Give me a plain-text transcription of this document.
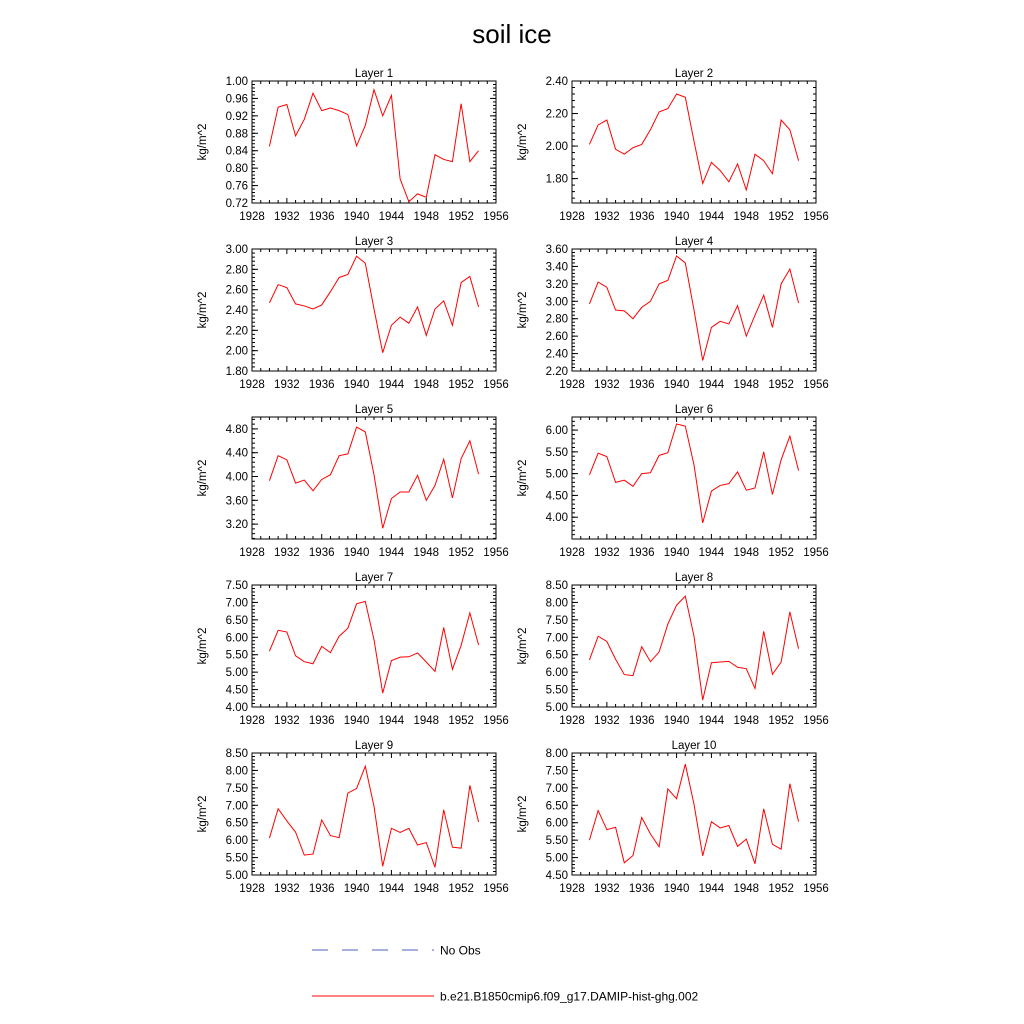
soil ice
Layer 1
1928 1932 1936 1940 1944 1948 1952 1956
0.72
0.76
0.80
0.84
0.88
0.92
0.96
1.00
kg/m^2
Layer 2
1928 1932 1936 1940 1944 1948 1952 1956
1.80
2.00
2.20
2.40
kg/m^2
Layer 3
1928 1932 1936 1940 1944 1948 1952 1956
1.80
2.00
2.20
2.40
2.60
2.80
3.00
kg/m^2
Layer 4
1928 1932 1936 1940 1944 1948 1952 1956
2.20
2.40
2.60
2.80
3.00
3.20
3.40
3.60
kg/m^2
Layer 5
1928 1932 1936 1940 1944 1948 1952 1956
3.20
3.60
4.00
4.40
4.80
kg/m^2
Layer 6
1928 1932 1936 1940 1944 1948 1952 1956
4.00
4.50
5.00
5.50
6.00
kg/m^2
Layer 7
1928 1932 1936 1940 1944 1948 1952 1956
4.00
4.50
5.00
5.50
6.00
6.50
7.00
7.50
kg/m^2
Layer 8
1928 1932 1936 1940 1944 1948 1952 1956
5.00
5.50
6.00
6.50
7.00
7.50
8.00
8.50
kg/m^2
Layer 9
1928 1932 1936 1940 1944 1948 1952 1956
5.00
5.50
6.00
6.50
7.00
7.50
8.00
8.50
kg/m^2
Layer 10
1928 1932 1936 1940 1944 1948 1952 1956
4.50
5.00
5.50
6.00
6.50
7.00
7.50
8.00
kg/m^2
No Obs
b.e21.B1850cmip6.f09_g17.DAMIP-hist-ghg.002
